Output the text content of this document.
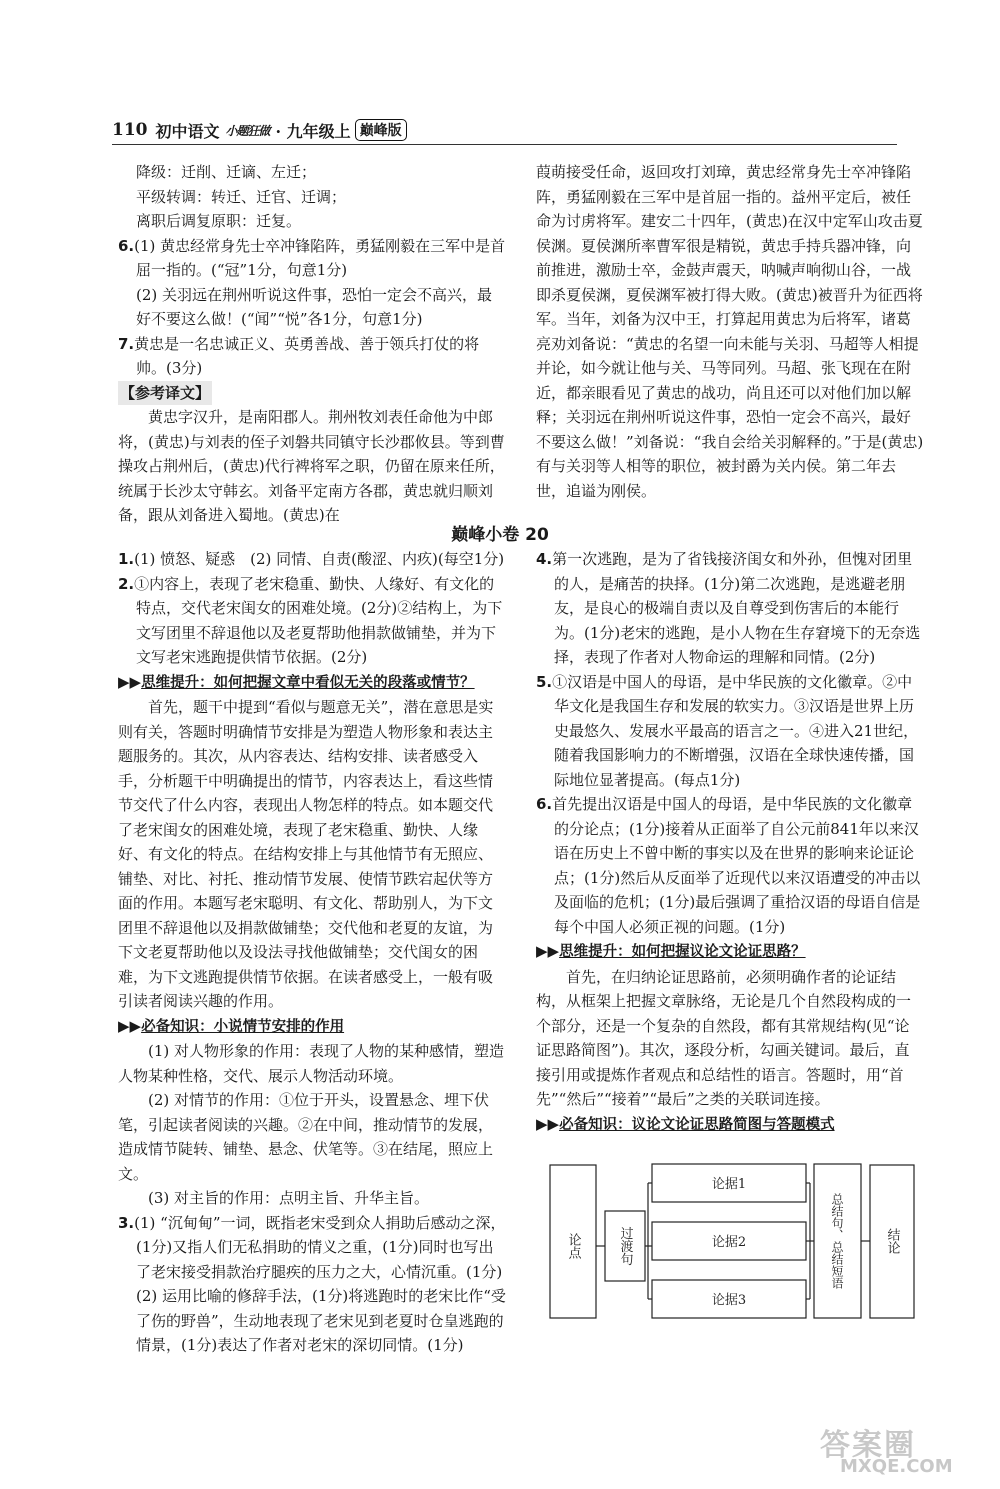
110 初中语文 小题狂做 · 九年级上 巅峰版
降级：迁削、迁谪、左迁；
平级转调：转迁、迁官、迁调；
离职后调复原职：迁复。
6.(1) 黄忠经常身先士卒冲锋陷阵，勇猛刚毅在三军中是首屈一指的。(“冠”1分，句意1分)
(2) 关羽远在荆州听说这件事，恐怕一定会不高兴，最好不要这么做！(“闻”“悦”各1分，句意1分)
7.黄忠是一名忠诚正义、英勇善战、善于领兵打仗的将帅。(3分)
【参考译文】
黄忠字汉升，是南阳郡人。荆州牧刘表任命他为中郎将，(黄忠)与刘表的侄子刘磐共同镇守长沙郡攸县。等到曹操攻占荆州后，(黄忠)代行裨将军之职，仍留在原来任所，统属于长沙太守韩玄。刘备平定南方各郡，黄忠就归顺刘备，跟从刘备进入蜀地。(黄忠)在
葭萌接受任命，返回攻打刘璋，黄忠经常身先士卒冲锋陷阵，勇猛刚毅在三军中是首屈一指的。益州平定后，被任命为讨虏将军。建安二十四年，(黄忠)在汉中定军山攻击夏侯渊。夏侯渊所率曹军很是精锐，黄忠手持兵器冲锋，向前推进，激励士卒，金鼓声震天，呐喊声响彻山谷，一战即杀夏侯渊，夏侯渊军被打得大败。(黄忠)被晋升为征西将军。当年，刘备为汉中王，打算起用黄忠为后将军，诸葛亮劝刘备说：“黄忠的名望一向未能与关羽、马超等人相提并论，如今就让他与关、马等同列。马超、张飞现在在附近，都亲眼看见了黄忠的战功，尚且还可以对他们加以解释；关羽远在荆州听说这件事，恐怕一定会不高兴，最好不要这么做！”刘备说：“我自会给关羽解释的。”于是(黄忠)有与关羽等人相等的职位，被封爵为关内侯。第二年去世，追谥为刚侯。
巅峰小卷 20
1.(1) 愤怒、疑惑　(2) 同情、自责(酸涩、内疚)(每空1分)
2.①内容上，表现了老宋稳重、勤快、人缘好、有文化的特点，交代老宋闺女的困难处境。(2分)②结构上，为下文写团里不辞退他以及老夏帮助他捐款做铺垫，并为下文写老宋逃跑提供情节依据。(2分)
▶▶思维提升：如何把握文章中看似无关的段落或情节？
首先，题干中提到“看似与题意无关”，潜在意思是实则有关，答题时明确情节安排是为塑造人物形象和表达主题服务的。其次，从内容表达、结构安排、读者感受入手，分析题干中明确提出的情节，内容表达上，看这些情节交代了什么内容，表现出人物怎样的特点。如本题交代了老宋闺女的困难处境，表现了老宋稳重、勤快、人缘好、有文化的特点。在结构安排上与其他情节有无照应、铺垫、对比、衬托、推动情节发展、使情节跌宕起伏等方面的作用。本题写老宋聪明、有文化、帮助别人，为下文团里不辞退他以及捐款做铺垫；交代他和老夏的友谊，为下文老夏帮助他以及设法寻找他做铺垫；交代闺女的困难，为下文逃跑提供情节依据。在读者感受上，一般有吸引读者阅读兴趣的作用。
▶▶必备知识：小说情节安排的作用
(1) 对人物形象的作用：表现了人物的某种感情，塑造人物某种性格，交代、展示人物活动环境。
(2) 对情节的作用：①位于开头，设置悬念、埋下伏笔，引起读者阅读的兴趣。②在中间，推动情节的发展，造成情节陡转、铺垫、悬念、伏笔等。③在结尾，照应上文。
(3) 对主旨的作用：点明主旨、升华主旨。
3.(1) “沉甸甸”一词，既指老宋受到众人捐助后感动之深，(1分)又指人们无私捐助的情义之重，(1分)同时也写出了老宋接受捐款治疗腿疾的压力之大，心情沉重。(1分)
(2) 运用比喻的修辞手法，(1分)将逃跑时的老宋比作“受了伤的野兽”，生动地表现了老宋见到老夏时仓皇逃跑的情景，(1分)表达了作者对老宋的深切同情。(1分)
4.第一次逃跑，是为了省钱接济闺女和外孙，但愧对团里的人，是痛苦的抉择。(1分)第二次逃跑，是逃避老朋友，是良心的极端自责以及自尊受到伤害后的本能行为。(1分)老宋的逃跑，是小人物在生存窘境下的无奈选择，表现了作者对人物命运的理解和同情。(2分)
5.①汉语是中国人的母语，是中华民族的文化徽章。②中华文化是我国生存和发展的软实力。③汉语是世界上历史最悠久、发展水平最高的语言之一。④进入21世纪，随着我国影响力的不断增强，汉语在全球快速传播，国际地位显著提高。(每点1分)
6.首先提出汉语是中国人的母语，是中华民族的文化徽章的分论点；(1分)接着从正面举了自公元前841年以来汉语在历史上不曾中断的事实以及在世界的影响来论证论点；(1分)然后从反面举了近现代以来汉语遭受的冲击以及面临的危机；(1分)最后强调了重拾汉语的母语自信是每个中国人必须正视的问题。(1分)
▶▶思维提升：如何把握议论文论证思路？
首先，在归纳论证思路前，必须明确作者的论证结构，从框架上把握文章脉络，无论是几个自然段构成的一个部分，还是一个复杂的自然段，都有其常规结构(见“论证思路简图”)。其次，逐段分析，勾画关键词。最后，直接引用或提炼作者观点和总结性的语言。答题时，用“首先”“然后”“接着”“最后”之类的关联词连接。
▶▶必备知识：议论文论证思路简图与答题模式
论点	过渡句
论据1
论据2
论据3
总结句、总结短语	结论
答案圈
MXQE.COM
